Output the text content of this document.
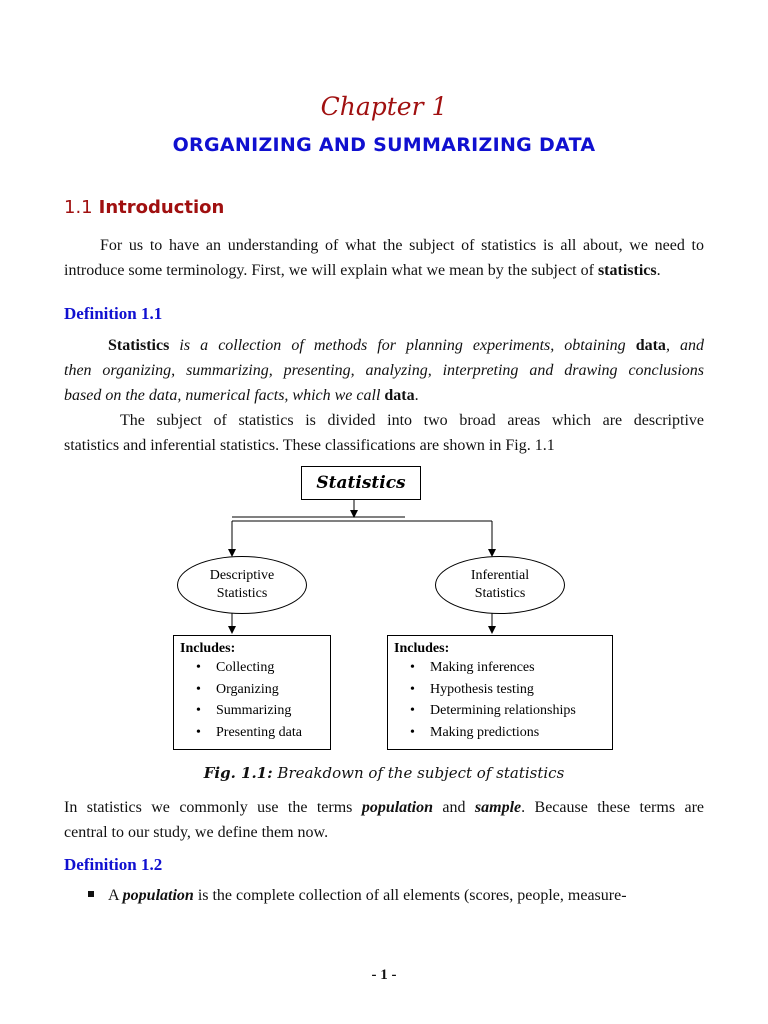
Chapter 1
ORGANIZING AND SUMMARIZING DATA
1.1 Introduction
For us to have an understanding of what the subject of statistics is all about, we need to
introduce some terminology. First, we will explain what we mean by the subject of statistics.
Definition 1.1
Statistics is a collection of methods for planning experiments, obtaining data, and
then organizing, summarizing, presenting, analyzing, interpreting and drawing conclusions
based on the data, numerical facts, which we call data.
The subject of statistics is divided into two broad areas which are descriptive
statistics and inferential statistics. These classifications are shown in Fig. 1.1
Statistics
Descriptive
Statistics
Inferential
Statistics
Includes:
• Collecting
• Organizing
• Summarizing
• Presenting data
Includes:
• Making inferences
• Hypothesis testing
• Determining relationships
• Making predictions
Fig. 1.1: Breakdown of the subject of statistics
In statistics we commonly use the terms population and sample. Because these terms are
central to our study, we define them now.
Definition 1.2
A population is the complete collection of all elements (scores, people, measure-
- 1 -
